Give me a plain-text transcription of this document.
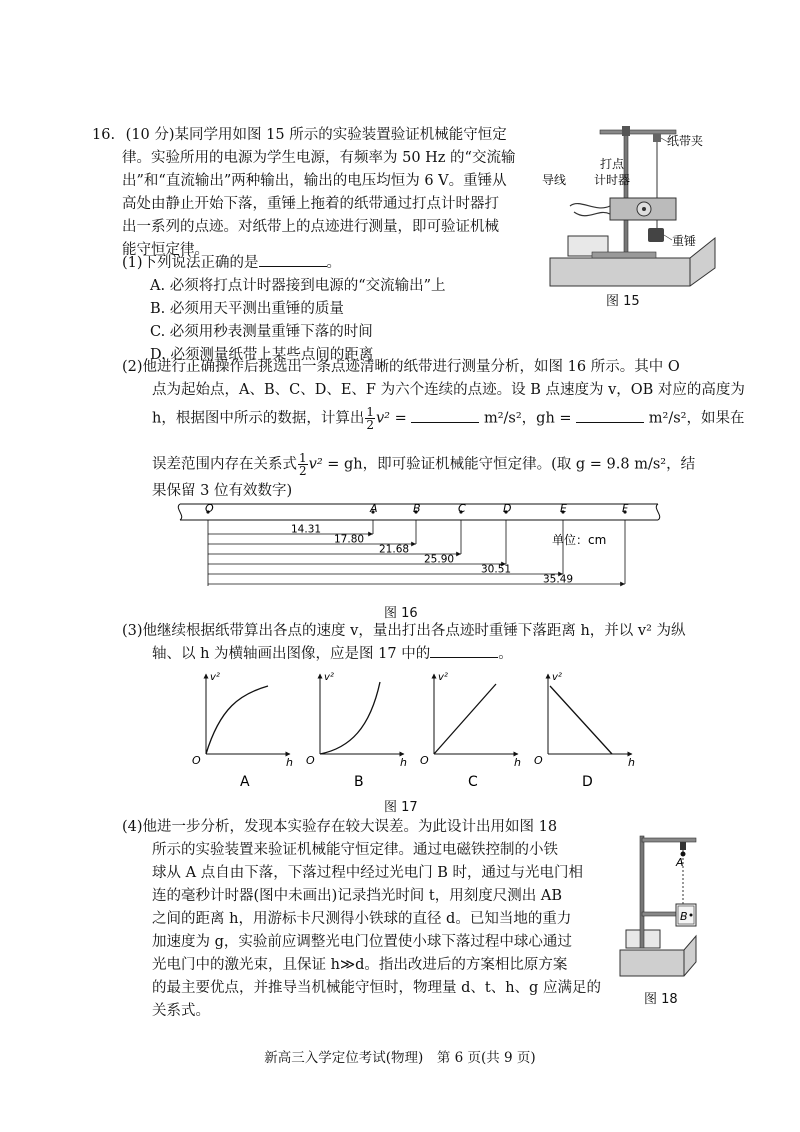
16. (10 分)某同学用如图 15 所示的实验装置验证机械能守恒定
律。实验所用的电源为学生电源，有频率为 50 Hz 的“交流输
出”和“直流输出”两种输出，输出的电压均恒为 6 V。重锤从
高处由静止开始下落，重锤上拖着的纸带通过打点计时器打
出一系列的点迹。对纸带上的点迹进行测量，即可验证机械
能守恒定律。
纸带夹
导线
打点
计时器
重锤
图 15
(1)下列说法正确的是	。
A. 必须将打点计时器接到电源的“交流输出”上
B. 必须用天平测出重锤的质量
C. 必须用秒表测量重锤下落的时间
D. 必须测量纸带上某些点间的距离
(2)他进行正确操作后挑选出一条点迹清晰的纸带进行测量分析，如图 16 所示。其中 O
点为起始点，A、B、C、D、E、F 为六个连续的点迹。设 B 点速度为 v，OB 对应的高度为
h，根据图中所示的数据，计算出 $\frac{1}{2} v^2$ =	m²/s²，gh =	m²/s²，如果在
误差范围内存在关系式 $\frac{1}{2} v^2$ = gh，即可验证机械能守恒定律。(取 g = 9.8 m/s²，结
果保留 3 位有效数字)
O	A	B	C	D	E	F
14.31
17.80
21.68
25.90
30.51
35.49
单位：cm
图 16
(3)他继续根据纸带算出各点的速度 v，量出打出各点迹时重锤下落距离 h，并以 v² 为纵
轴、以 h 为横轴画出图像，应是图 17 中的	。
v²
O	h
A
v²
O	h
B
v²
O	h
C
v²
O	h
D
图 17
(4)他进一步分析，发现本实验存在较大误差。为此设计出用如图 18
所示的实验装置来验证机械能守恒定律。通过电磁铁控制的小铁
球从 A 点自由下落，下落过程中经过光电门 B 时，通过与光电门相
连的毫秒计时器(图中未画出)记录挡光时间 t，用刻度尺测出 AB
之间的距离 h，用游标卡尺测得小铁球的直径 d。已知当地的重力
加速度为 g，实验前应调整光电门位置使小球下落过程中球心通过
光电门中的激光束，且保证 h≫d。指出改进后的方案相比原方案
的最主要优点，并推导当机械能守恒时，物理量 d、t、h、g 应满足的
关系式。
A
B
图 18
新高三入学定位考试(物理)　第 6 页(共 9 页)
